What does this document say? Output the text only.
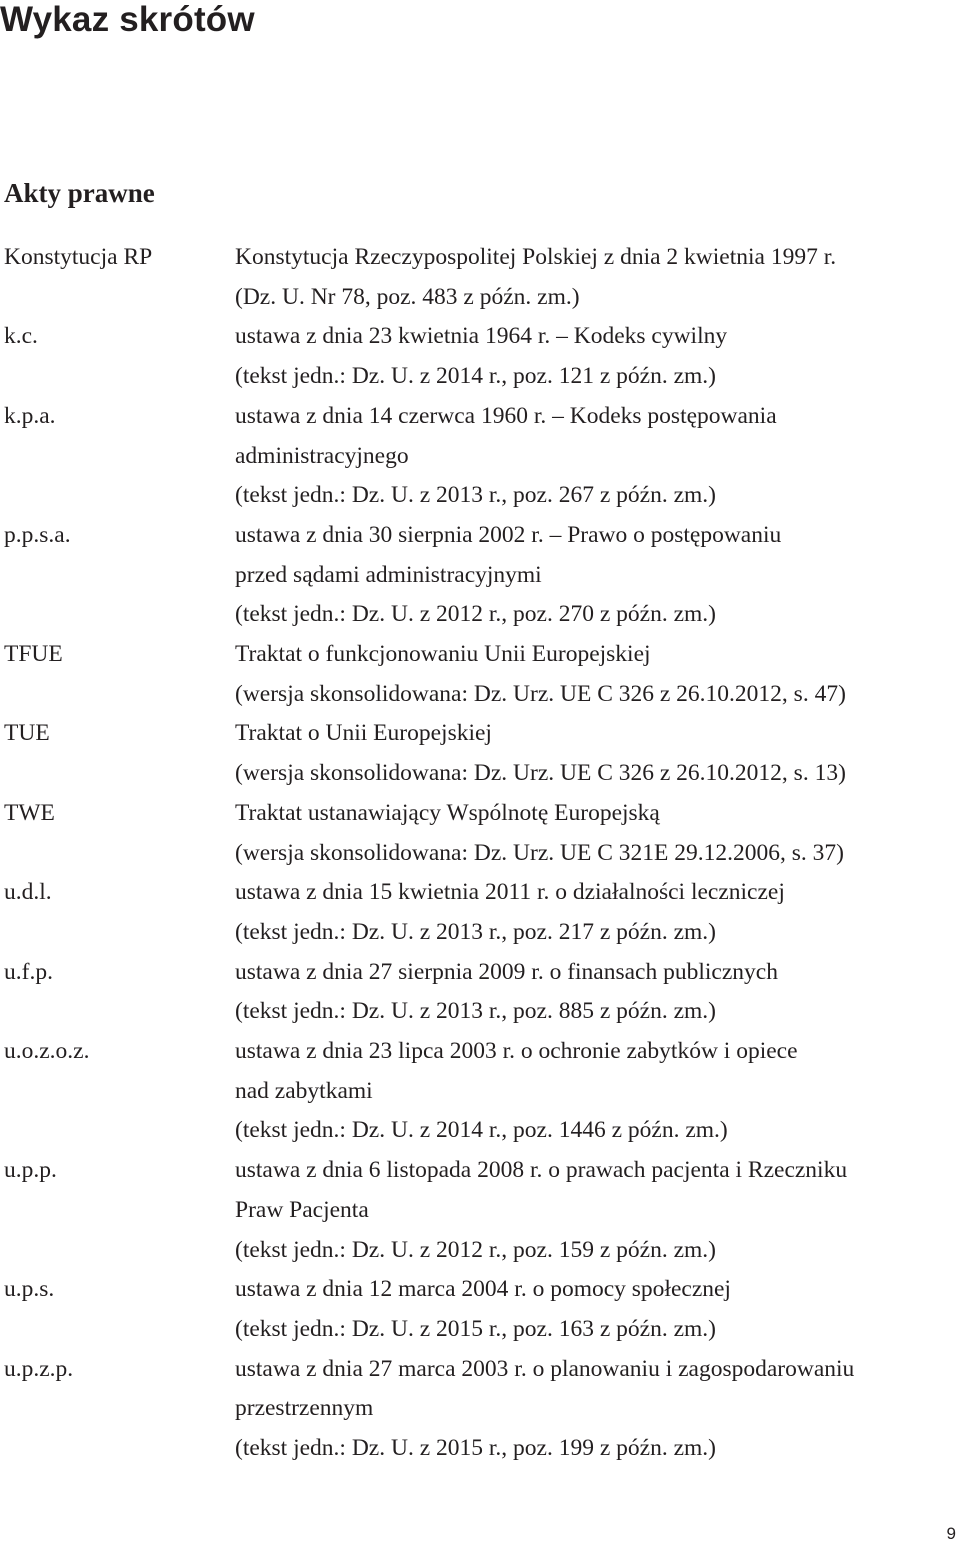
Wykaz skrótów
Akty prawne
Konstytucja RP	Konstytucja Rzeczypospolitej Polskiej z dnia 2 kwietnia 1997 r.
(Dz. U. Nr 78, poz. 483 z późn. zm.)
k.c.	ustawa z dnia 23 kwietnia 1964 r. – Kodeks cywilny
(tekst jedn.: Dz. U. z 2014 r., poz. 121 z późn. zm.)
k.p.a.	ustawa z dnia 14 czerwca 1960 r. – Kodeks postępowania
administracyjnego
(tekst jedn.: Dz. U. z 2013 r., poz. 267 z późn. zm.)
p.p.s.a.	ustawa z dnia 30 sierpnia 2002 r. – Prawo o postępowaniu
przed sądami administracyjnymi
(tekst jedn.: Dz. U. z 2012 r., poz. 270 z późn. zm.)
TFUE	Traktat o funkcjonowaniu Unii Europejskiej
(wersja skonsolidowana: Dz. Urz. UE C 326 z 26.10.2012, s. 47)
TUE	Traktat o Unii Europejskiej
(wersja skonsolidowana: Dz. Urz. UE C 326 z 26.10.2012, s. 13)
TWE	Traktat ustanawiający Wspólnotę Europejską
(wersja skonsolidowana: Dz. Urz. UE C 321E 29.12.2006, s. 37)
u.d.l.	ustawa z dnia 15 kwietnia 2011 r. o działalności leczniczej
(tekst jedn.: Dz. U. z 2013 r., poz. 217 z późn. zm.)
u.f.p.	ustawa z dnia 27 sierpnia 2009 r. o finansach publicznych
(tekst jedn.: Dz. U. z 2013 r., poz. 885 z późn. zm.)
u.o.z.o.z.	ustawa z dnia 23 lipca 2003 r. o ochronie zabytków i opiece
nad zabytkami
(tekst jedn.: Dz. U. z 2014 r., poz. 1446 z późn. zm.)
u.p.p.	ustawa z dnia 6 listopada 2008 r. o prawach pacjenta i Rzeczniku
Praw Pacjenta
(tekst jedn.: Dz. U. z 2012 r., poz. 159 z późn. zm.)
u.p.s.	ustawa z dnia 12 marca 2004 r. o pomocy społecznej
(tekst jedn.: Dz. U. z 2015 r., poz. 163 z późn. zm.)
u.p.z.p.	ustawa z dnia 27 marca 2003 r. o planowaniu i zagospodarowaniu
przestrzennym
(tekst jedn.: Dz. U. z 2015 r., poz. 199 z późn. zm.)
9
